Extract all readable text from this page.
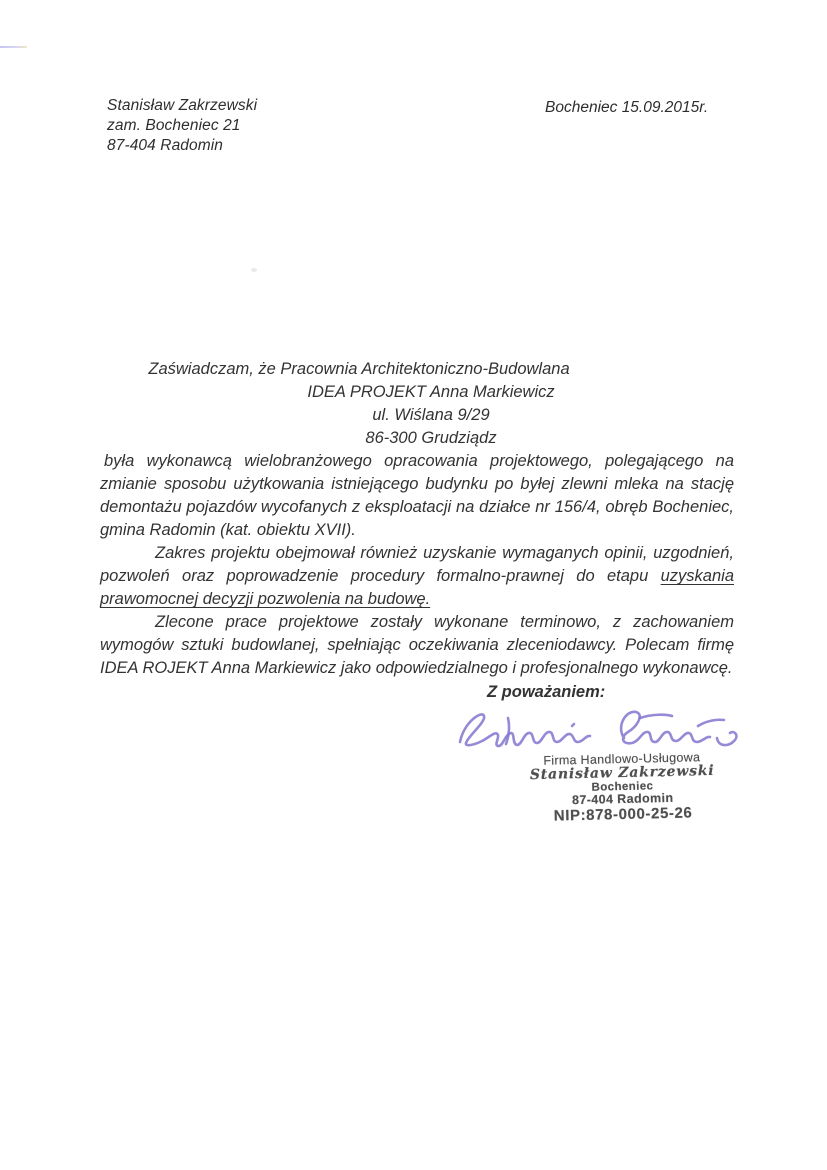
Stanisław Zakrzewski
zam. Bocheniec 21
87-404 Radomin
Bocheniec 15.09.2015r.
Zaświadczam, że Pracownia Architektoniczno-Budowlana
IDEA PROJEKT Anna Markiewicz
ul. Wiślana 9/29
86-300 Grudziądz

była wykonawcą wielobranżowego opracowania projektowego, polegającego na zmianie sposobu użytkowania istniejącego budynku po byłej zlewni mleka na stację demontażu pojazdów wycofanych z eksploatacji na działce nr 156/4, obręb Bocheniec, gmina Radomin (kat. obiektu XVII).

Zakres projektu obejmował również uzyskanie wymaganych opinii, uzgodnień, pozwoleń oraz poprowadzenie procedury formalno-prawnej do etapu uzyskania prawomocnej decyzji pozwolenia na budowę.

Zlecone prace projektowe zostały wykonane terminowo, z zachowaniem wymogów sztuki budowlanej, spełniając oczekiwania zleceniodawcy. Polecam firmę IDEA ROJEKT Anna Markiewicz jako odpowiedzialnego i profesjonalnego wykonawcę.

Z poważaniem:
Firma Handlowo-Usługowa
Stanisław Zakrzewski
Bocheniec
87-404 Radomin
NIP:878-000-25-26
